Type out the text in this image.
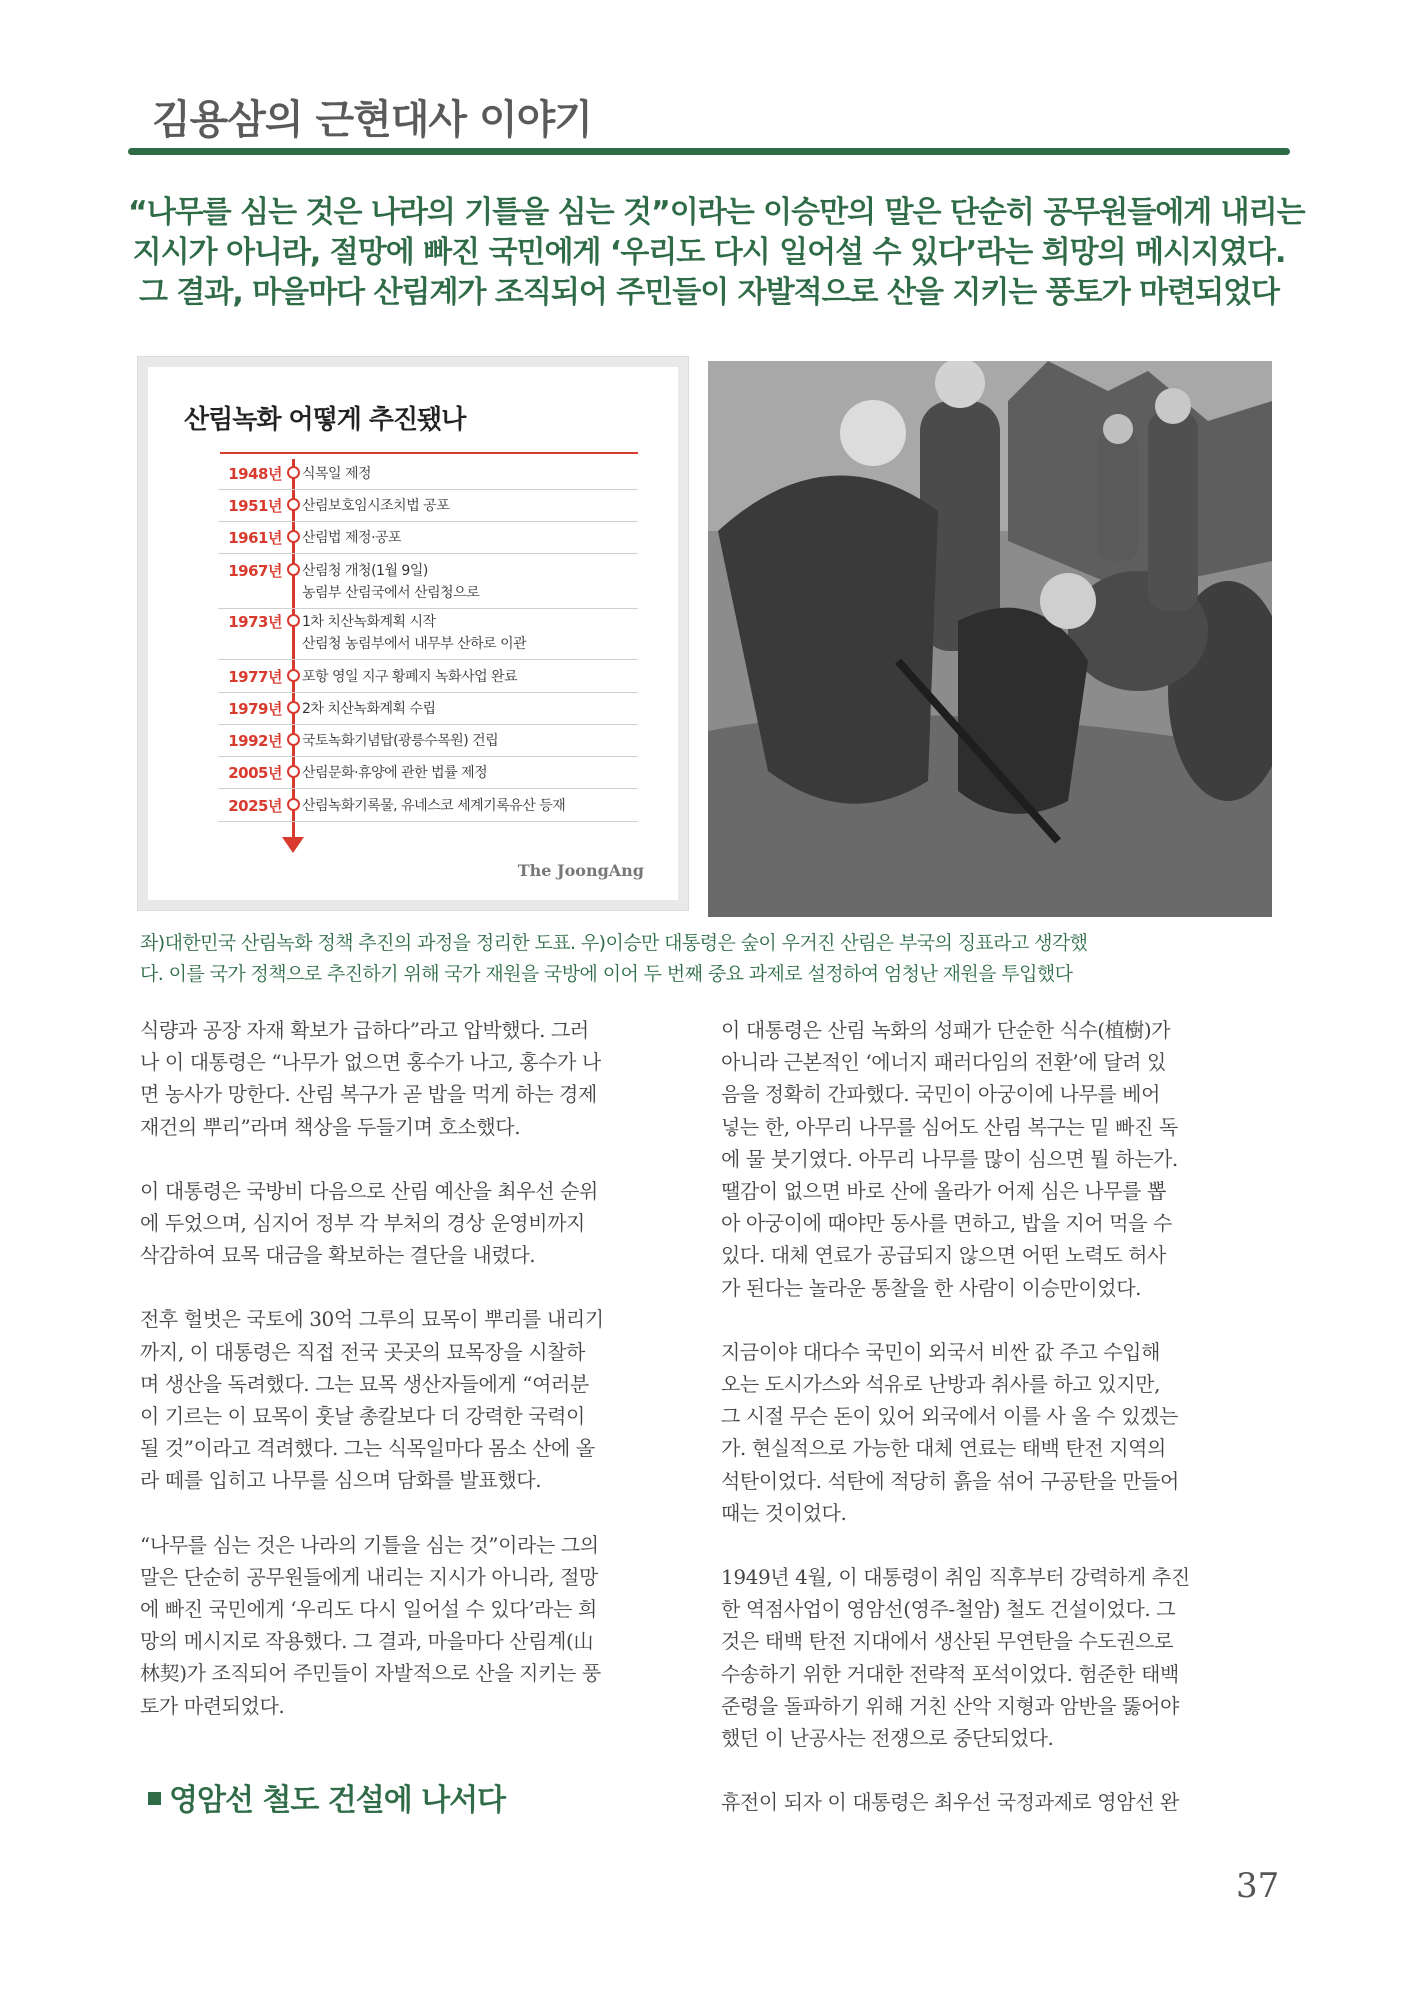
김용삼의 근현대사 이야기
“나무를 심는 것은 나라의 기틀을 심는 것”이라는 이승만의 말은 단순히 공무원들에게 내리는
지시가 아니라, 절망에 빠진 국민에게 ‘우리도 다시 일어설 수 있다’라는 희망의 메시지였다.
그 결과, 마을마다 산림계가 조직되어 주민들이 자발적으로 산을 지키는 풍토가 마련되었다
산림녹화 어떻게 추진됐나
1948년 식목일 제정
1951년 산림보호임시조치법 공포
1961년 산림법 제정·공포
1967년 산림청 개청(1월 9일)
농림부 산림국에서 산림청으로
1973년 1차 치산녹화계획 시작
산림청 농림부에서 내무부 산하로 이관
1977년 포항 영일 지구 황폐지 녹화사업 완료
1979년 2차 치산녹화계획 수립
1992년 국토녹화기념탑(광릉수목원) 건립
2005년 산림문화·휴양에 관한 법률 제정
2025년 산림녹화기록물, 유네스코 세계기록유산 등재
The JoongAng
좌)대한민국 산림녹화 정책 추진의 과정을 정리한 도표. 우)이승만 대통령은 숲이 우거진 산림은 부국의 징표라고 생각했
다. 이를 국가 정책으로 추진하기 위해 국가 재원을 국방에 이어 두 번째 중요 과제로 설정하여 엄청난 재원을 투입했다
식량과 공장 자재 확보가 급하다”라고 압박했다. 그러
나 이 대통령은 “나무가 없으면 홍수가 나고, 홍수가 나
면 농사가 망한다. 산림 복구가 곧 밥을 먹게 하는 경제
재건의 뿌리”라며 책상을 두들기며 호소했다.
이 대통령은 국방비 다음으로 산림 예산을 최우선 순위
에 두었으며, 심지어 정부 각 부처의 경상 운영비까지
삭감하여 묘목 대금을 확보하는 결단을 내렸다.
전후 헐벗은 국토에 30억 그루의 묘목이 뿌리를 내리기
까지, 이 대통령은 직접 전국 곳곳의 묘목장을 시찰하
며 생산을 독려했다. 그는 묘목 생산자들에게 “여러분
이 기르는 이 묘목이 훗날 총칼보다 더 강력한 국력이
될 것”이라고 격려했다. 그는 식목일마다 몸소 산에 올
라 떼를 입히고 나무를 심으며 담화를 발표했다.
“나무를 심는 것은 나라의 기틀을 심는 것”이라는 그의
말은 단순히 공무원들에게 내리는 지시가 아니라, 절망
에 빠진 국민에게 ‘우리도 다시 일어설 수 있다’라는 희
망의 메시지로 작용했다. 그 결과, 마을마다 산림계(山
林契)가 조직되어 주민들이 자발적으로 산을 지키는 풍
토가 마련되었다.
이 대통령은 산림 녹화의 성패가 단순한 식수(植樹)가
아니라 근본적인 ‘에너지 패러다임의 전환’에 달려 있
음을 정확히 간파했다. 국민이 아궁이에 나무를 베어
넣는 한, 아무리 나무를 심어도 산림 복구는 밑 빠진 독
에 물 붓기였다. 아무리 나무를 많이 심으면 뭘 하는가.
땔감이 없으면 바로 산에 올라가 어제 심은 나무를 뽑
아 아궁이에 때야만 동사를 면하고, 밥을 지어 먹을 수
있다. 대체 연료가 공급되지 않으면 어떤 노력도 허사
가 된다는 놀라운 통찰을 한 사람이 이승만이었다.
지금이야 대다수 국민이 외국서 비싼 값 주고 수입해
오는 도시가스와 석유로 난방과 취사를 하고 있지만,
그 시절 무슨 돈이 있어 외국에서 이를 사 올 수 있겠는
가. 현실적으로 가능한 대체 연료는 태백 탄전 지역의
석탄이었다. 석탄에 적당히 흙을 섞어 구공탄을 만들어
때는 것이었다.
1949년 4월, 이 대통령이 취임 직후부터 강력하게 추진
한 역점사업이 영암선(영주-철암) 철도 건설이었다. 그
것은 태백 탄전 지대에서 생산된 무연탄을 수도권으로
수송하기 위한 거대한 전략적 포석이었다. 험준한 태백
준령을 돌파하기 위해 거친 산악 지형과 암반을 뚫어야
했던 이 난공사는 전쟁으로 중단되었다.
휴전이 되자 이 대통령은 최우선 국정과제로 영암선 완
영암선 철도 건설에 나서다
37
